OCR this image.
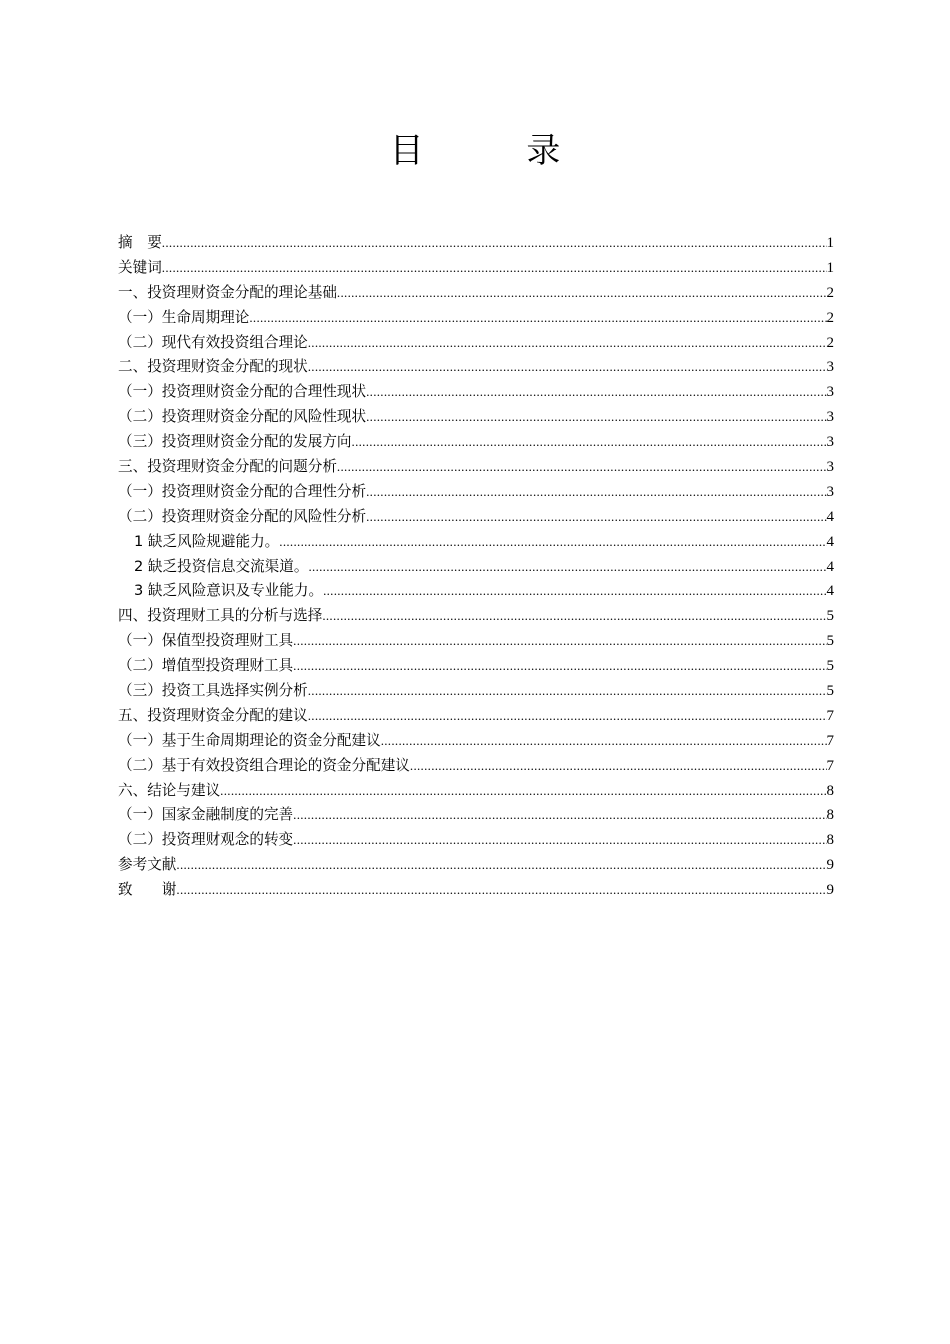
目 录
摘　要 .....	1
关键词 .....	1
一、投资理财资金分配的理论基础 .....	2
（一）生命周期理论 .....	2
（二）现代有效投资组合理论 .....	2
二、投资理财资金分配的现状 .....	3
（一）投资理财资金分配的合理性现状 .....	3
（二）投资理财资金分配的风险性现状 .....	3
（三）投资理财资金分配的发展方向 .....	3
三、投资理财资金分配的问题分析 .....	3
（一）投资理财资金分配的合理性分析 .....	3
（二）投资理财资金分配的风险性分析 .....	4
1 缺乏风险规避能力。 .....	4
2 缺乏投资信息交流渠道。 .....	4
3 缺乏风险意识及专业能力。 .....	4
四、投资理财工具的分析与选择 .....	5
（一）保值型投资理财工具 .....	5
（二）增值型投资理财工具 .....	5
（三）投资工具选择实例分析 .....	5
五、投资理财资金分配的建议 .....	7
（一）基于生命周期理论的资金分配建议 .....	7
（二）基于有效投资组合理论的资金分配建议 .....	7
六、结论与建议 .....	8
（一）国家金融制度的完善 .....	8
（二）投资理财观念的转变 .....	8
参考文献 .....	9
致　　谢 .....	9
